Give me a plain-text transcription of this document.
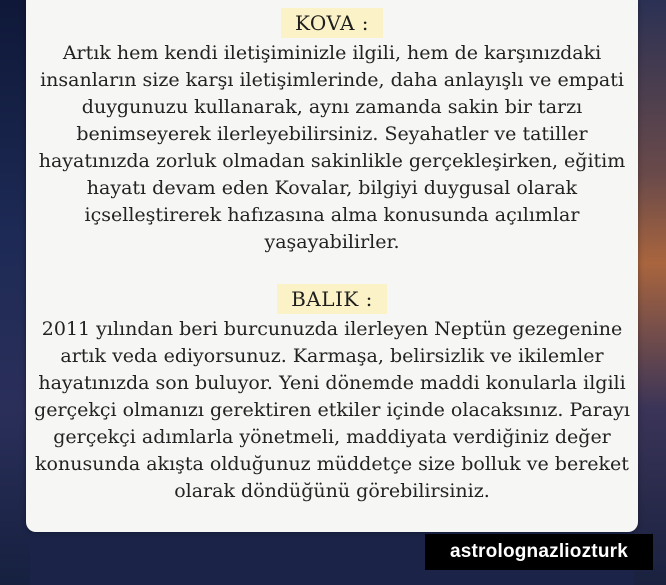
KOVA :
Artık hem kendi iletişiminizle ilgili, hem de karşınızdaki
insanların size karşı iletişimlerinde, daha anlayışlı ve empati
duygunuzu kullanarak, aynı zamanda sakin bir tarzı
benimseyerek ilerleyebilirsiniz. Seyahatler ve tatiller
hayatınızda zorluk olmadan sakinlikle gerçekleşirken, eğitim
hayatı devam eden Kovalar, bilgiyi duygusal olarak
içselleştirerek hafızasına alma konusunda açılımlar
yaşayabilirler.
BALIK :
2011 yılından beri burcunuzda ilerleyen Neptün gezegenine
artık veda ediyorsunuz. Karmaşa, belirsizlik ve ikilemler
hayatınızda son buluyor. Yeni dönemde maddi konularla ilgili
gerçekçi olmanızı gerektiren etkiler içinde olacaksınız. Parayı
gerçekçi adımlarla yönetmeli, maddiyata verdiğiniz değer
konusunda akışta olduğunuz müddetçe size bolluk ve bereket
olarak döndüğünü görebilirsiniz.
astrolognazliozturk
